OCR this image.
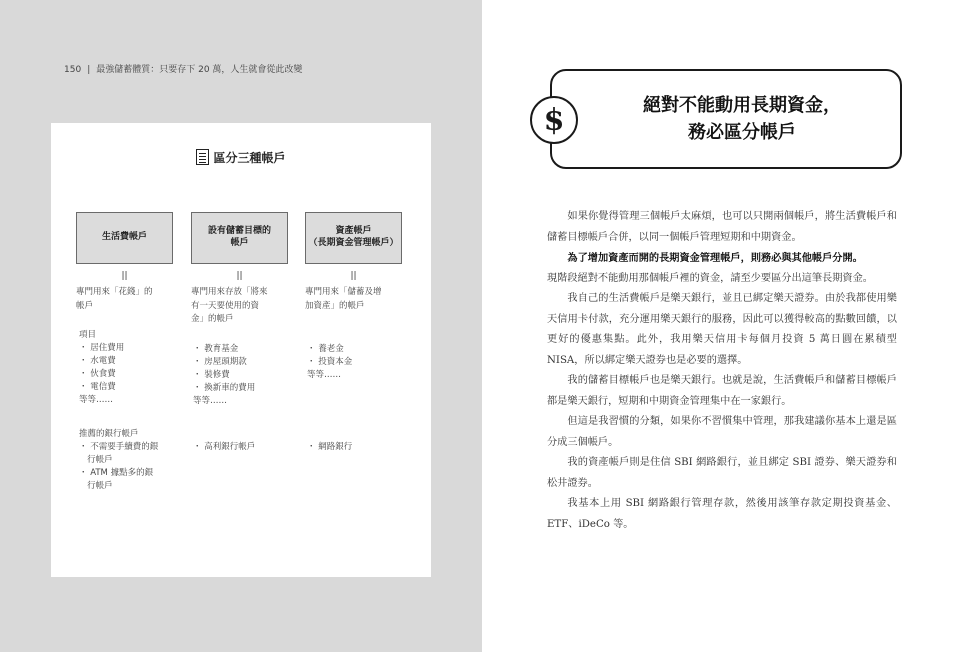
150 | 最強儲蓄體質：只要存下 20 萬，人生就會從此改變
區分三種帳戶
生活費帳戶
||
專門用來「花錢」的
帳戶
設有儲蓄目標的
帳戶
||
專門用來存放「將來
有一天要使用的資
金」的帳戶
資產帳戶
（長期資金管理帳戶）
||
專門用來「儲蓄及增
加資產」的帳戶
項目
・ 居住費用
・ 水電費
・ 伙食費
・ 電信費
等等……
・ 教育基金
・ 房屋頭期款
・ 裝修費
・ 換新車的費用
等等……
・ 養老金
・ 投資本金
等等……
推薦的銀行帳戶
・ 不需要手續費的銀
行帳戶
・ ATM 據點多的銀
行帳戶
・ 高利銀行帳戶	・ 網路銀行
$	絕對不能動用長期資金，
務必區分帳戶

如果你覺得管理三個帳戶太麻煩，也可以只開兩個帳戶，將生活費帳戶和儲蓄目標帳戶合併，以同一個帳戶管理短期和中期資金。

為了增加資產而開的長期資金管理帳戶，則務必與其他帳戶分開。

現階段絕對不能動用那個帳戶裡的資金，請至少要區分出這筆長期資金。

我自己的生活費帳戶是樂天銀行，並且已綁定樂天證券。由於我都使用樂天信用卡付款，充分運用樂天銀行的服務，因此可以獲得較高的點數回饋，以更好的優惠集點。此外，我用樂天信用卡每個月投資 5 萬日圓在累積型 NISA，所以綁定樂天證券也是必要的選擇。

我的儲蓄目標帳戶也是樂天銀行。也就是說，生活費帳戶和儲蓄目標帳戶都是樂天銀行，短期和中期資金管理集中在一家銀行。

但這是我習慣的分類，如果你不習慣集中管理，那我建議你基本上還是區分成三個帳戶。

我的資產帳戶則是住信 SBI 網路銀行，並且綁定 SBI 證券、樂天證券和松井證券。

我基本上用 SBI 網路銀行管理存款，然後用該筆存款定期投資基金、ETF、iDeCo 等。
